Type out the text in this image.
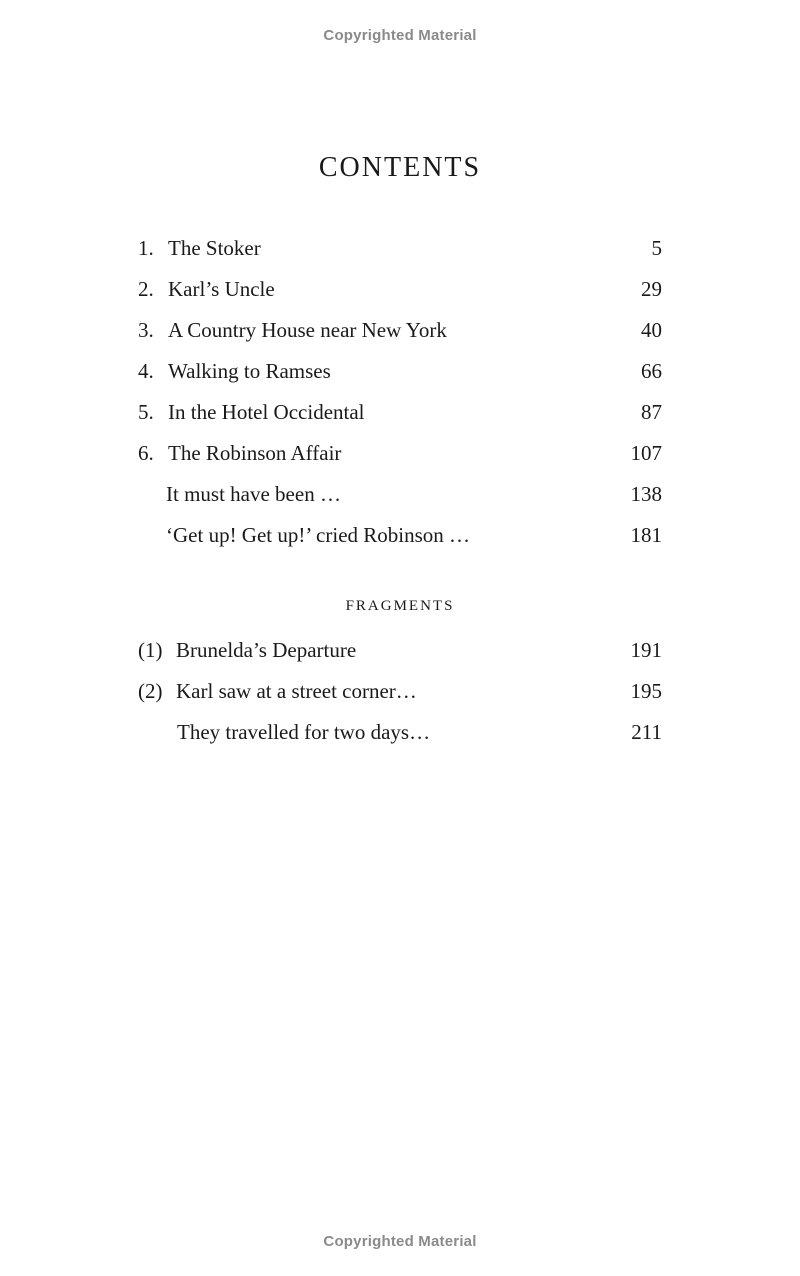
Copyrighted Material
CONTENTS
1. The Stoker	5
2. Karl’s Uncle	29
3. A Country House near New York	40
4. Walking to Ramses	66
5. In the Hotel Occidental	87
6. The Robinson Affair	107
It must have been …	138
‘Get up! Get up!’ cried Robinson …	181
FRAGMENTS
(1) Brunelda’s Departure	191
(2) Karl saw at a street corner…	195
They travelled for two days…	211
Copyrighted Material
